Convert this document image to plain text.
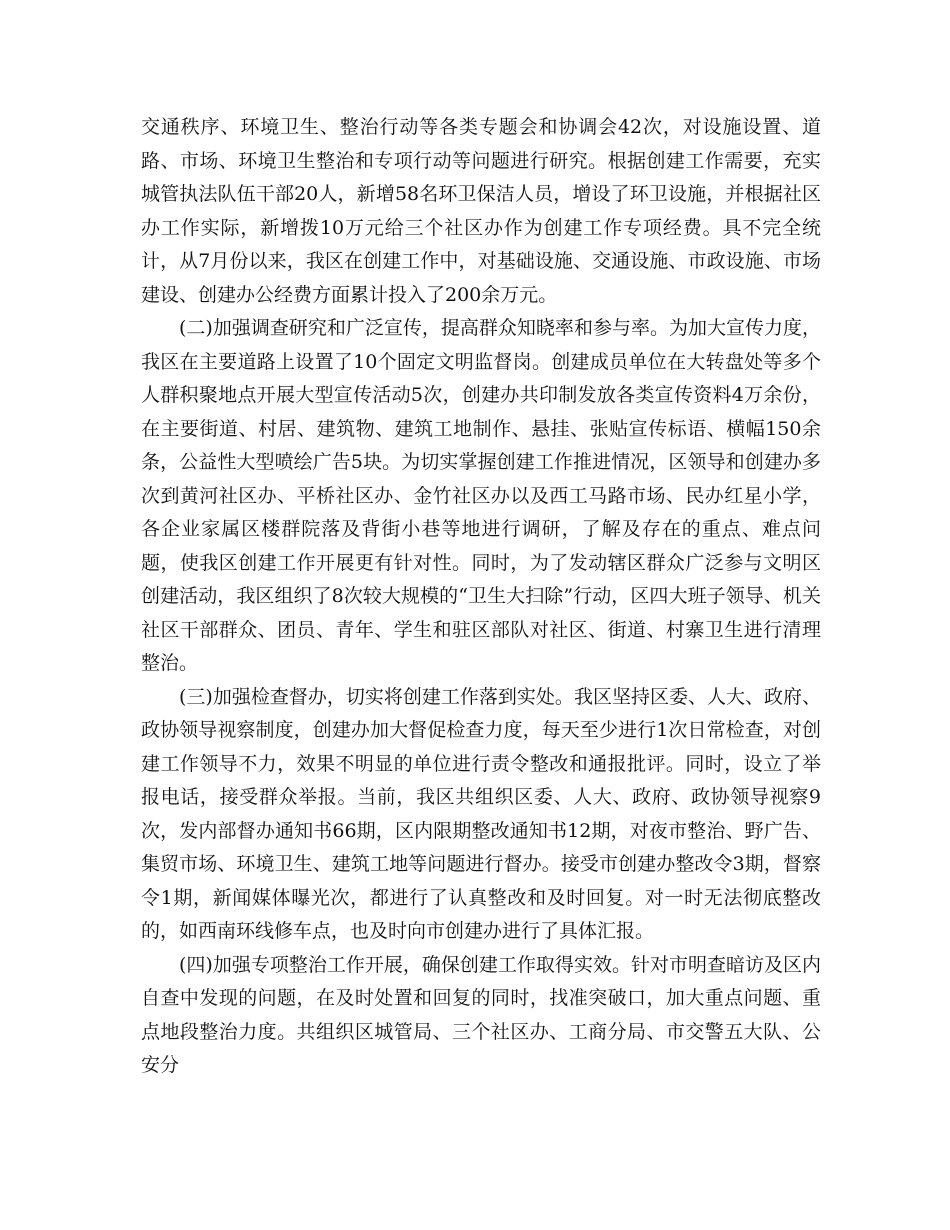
交通秩序、环境卫生、整治行动等各类专题会和协调会42次，对设施设置、道路、市场、环境卫生整治和专项行动等问题进行研究。根据创建工作需要，充实城管执法队伍干部20人，新增58名环卫保洁人员，增设了环卫设施，并根据社区办工作实际，新增拨10万元给三个社区办作为创建工作专项经费。具不完全统计，从7月份以来，我区在创建工作中，对基础设施、交通设施、市政设施、市场建设、创建办公经费方面累计投入了200余万元。

(二)加强调查研究和广泛宣传，提高群众知晓率和参与率。为加大宣传力度，我区在主要道路上设置了10个固定文明监督岗。创建成员单位在大转盘处等多个人群积聚地点开展大型宣传活动5次，创建办共印制发放各类宣传资料4万余份，在主要街道、村居、建筑物、建筑工地制作、悬挂、张贴宣传标语、横幅150余条，公益性大型喷绘广告5块。为切实掌握创建工作推进情况，区领导和创建办多次到黄河社区办、平桥社区办、金竹社区办以及西工马路市场、民办红星小学，各企业家属区楼群院落及背街小巷等地进行调研，了解及存在的重点、难点问题，使我区创建工作开展更有针对性。同时，为了发动辖区群众广泛参与文明区创建活动，我区组织了8次较大规模的“卫生大扫除”行动，区四大班子领导、机关社区干部群众、团员、青年、学生和驻区部队对社区、街道、村寨卫生进行清理整治。

(三)加强检查督办，切实将创建工作落到实处。我区坚持区委、人大、政府、政协领导视察制度，创建办加大督促检查力度，每天至少进行1次日常检查，对创建工作领导不力，效果不明显的单位进行责令整改和通报批评。同时，设立了举报电话，接受群众举报。当前，我区共组织区委、人大、政府、政协领导视察9次，发内部督办通知书66期，区内限期整改通知书12期，对夜市整治、野广告、集贸市场、环境卫生、建筑工地等问题进行督办。接受市创建办整改令3期，督察令1期，新闻媒体曝光次，都进行了认真整改和及时回复。对一时无法彻底整改的，如西南环线修车点，也及时向市创建办进行了具体汇报。

(四)加强专项整治工作开展，确保创建工作取得实效。针对市明查暗访及区内自查中发现的问题，在及时处置和回复的同时，找准突破口，加大重点问题、重点地段整治力度。共组织区城管局、三个社区办、工商分局、市交警五大队、公安分
